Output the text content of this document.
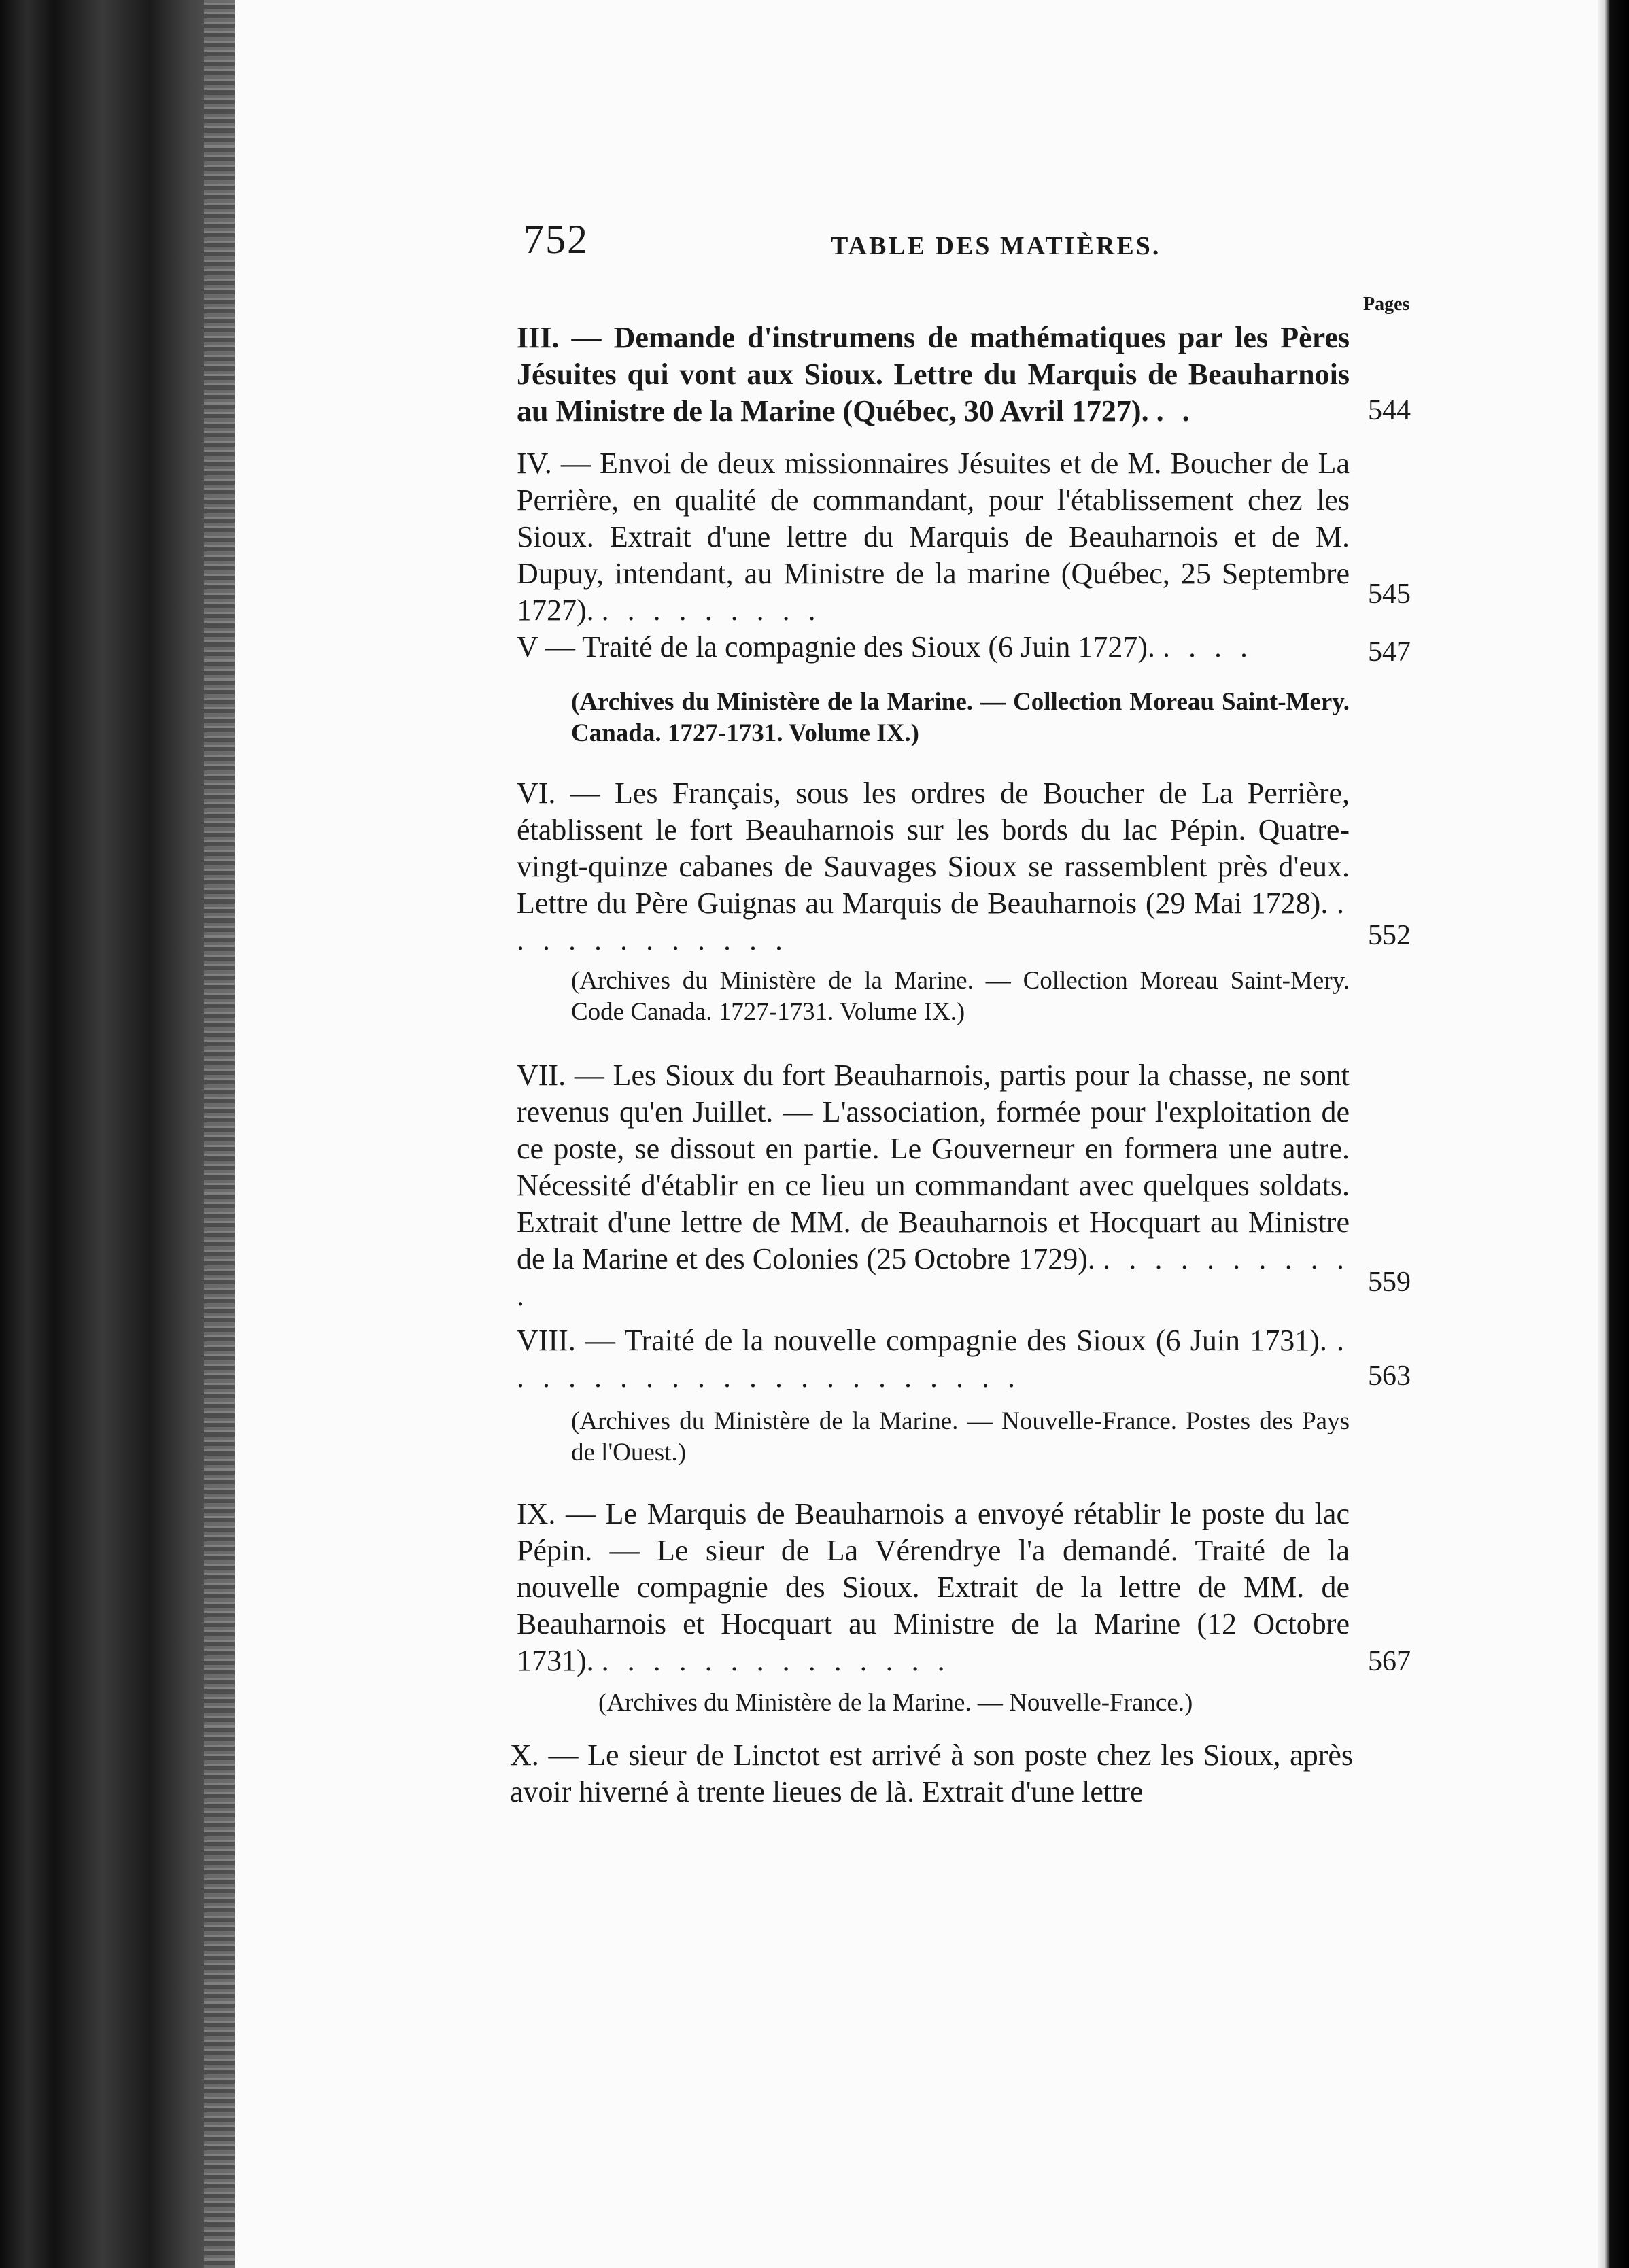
752	TABLE DES MATIÈRES.
Pages
III. — Demande d'instrumens de mathématiques par les Pères Jésuites qui vont aux Sioux. Lettre du Marquis de Beauharnois au Ministre de la Marine (Québec, 30 Avril 1727). . .	544
IV. — Envoi de deux missionnaires Jésuites et de M. Boucher de La Perrière, en qualité de commandant, pour l'établissement chez les Sioux. Extrait d'une lettre du Marquis de Beauharnois et de M. Dupuy, intendant, au Ministre de la marine (Québec, 25 Septembre 1727). . . . . . . . . .	545
V — Traité de la compagnie des Sioux (6 Juin 1727). . . . .	547
(Archives du Ministère de la Marine. — Collection Moreau Saint-Mery. Canada. 1727-1731. Volume IX.)
VI. — Les Français, sous les ordres de Boucher de La Perrière, établissent le fort Beauharnois sur les bords du lac Pépin. Quatre-vingt-quinze cabanes de Sauvages Sioux se rassemblent près d'eux. Lettre du Père Guignas au Marquis de Beauharnois (29 Mai 1728). . . . . . . . . . . . .	552
(Archives du Ministère de la Marine. — Collection Moreau Saint-Mery. Code Canada. 1727-1731. Volume IX.)
VII. — Les Sioux du fort Beauharnois, partis pour la chasse, ne sont revenus qu'en Juillet. — L'association, formée pour l'exploitation de ce poste, se dissout en partie. Le Gouverneur en formera une autre. Nécessité d'établir en ce lieu un commandant avec quelques soldats. Extrait d'une lettre de MM. de Beauharnois et Hocquart au Ministre de la Marine et des Colonies (25 Octobre 1729). . . . . . . . . . . .	559
VIII. — Traité de la nouvelle compagnie des Sioux (6 Juin 1731). . . . . . . . . . . . . . . . . . . . . .	563
(Archives du Ministère de la Marine. — Nouvelle-France. Postes des Pays de l'Ouest.)
IX. — Le Marquis de Beauharnois a envoyé rétablir le poste du lac Pépin. — Le sieur de La Vérendrye l'a demandé. Traité de la nouvelle compagnie des Sioux. Extrait de la lettre de MM. de Beauharnois et Hocquart au Ministre de la Marine (12 Octobre 1731). . . . . . . . . . . . . . .	567
(Archives du Ministère de la Marine. — Nouvelle-France.)
X. — Le sieur de Linctot est arrivé à son poste chez les Sioux, après avoir hiverné à trente lieues de là. Extrait d'une lettre
